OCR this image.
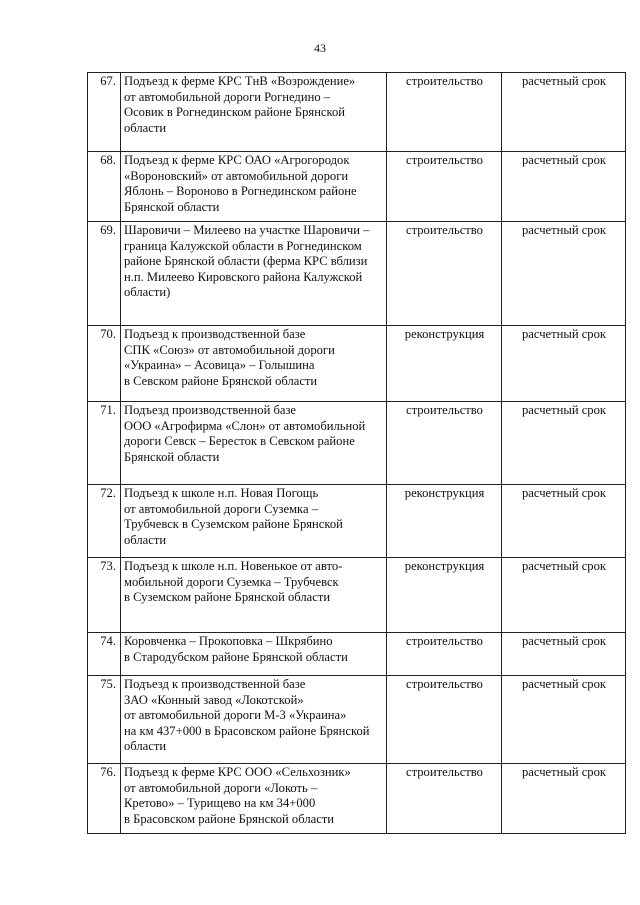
43
67.	Подъезд к ферме КРС ТнВ «Возрождение»
от автомобильной дороги Рогнедино –
Осовик в Рогнединском районе Брянской
области	строительство	расчетный срок
68.	Подъезд к ферме КРС ОАО «Агрогородок
«Вороновский» от автомобильной дороги
Яблонь – Вороново в Рогнединском районе
Брянской области	строительство	расчетный срок
69.	Шаровичи – Милеево на участке Шаровичи –
граница Калужской области в Рогнединском
районе Брянской области (ферма КРС вблизи
н.п. Милеево Кировского района Калужской
области)	строительство	расчетный срок
70.	Подъезд к производственной базе
СПК «Союз» от автомобильной дороги
«Украина» – Асовица» – Голышина
в Севском районе Брянской области	реконструкция	расчетный срок
71.	Подъезд производственной базе
ООО «Агрофирма «Слон» от автомобильной
дороги Севск – Бересток в Севском районе
Брянской области	строительство	расчетный срок
72.	Подъезд к школе н.п. Новая Погощь
от автомобильной дороги Суземка –
Трубчевск в Суземском районе Брянской
области	реконструкция	расчетный срок
73.	Подъезд к школе н.п. Новенькое от авто-
мобильной дороги Суземка – Трубчевск
в Суземском районе Брянской области	реконструкция	расчетный срок
74.	Коровченка – Прокоповка – Шкрябино
в Стародубском районе Брянской области	строительство	расчетный срок
75.	Подъезд к производственной базе
ЗАО «Конный завод «Локотской»
от автомобильной дороги М-3 «Украина»
на км 437+000 в Брасовском районе Брянской
области	строительство	расчетный срок
76.	Подъезд к ферме КРС ООО «Сельхозник»
от автомобильной дороги «Локоть –
Кретово» – Турищево на км 34+000
в Брасовском районе Брянской области	строительство	расчетный срок
